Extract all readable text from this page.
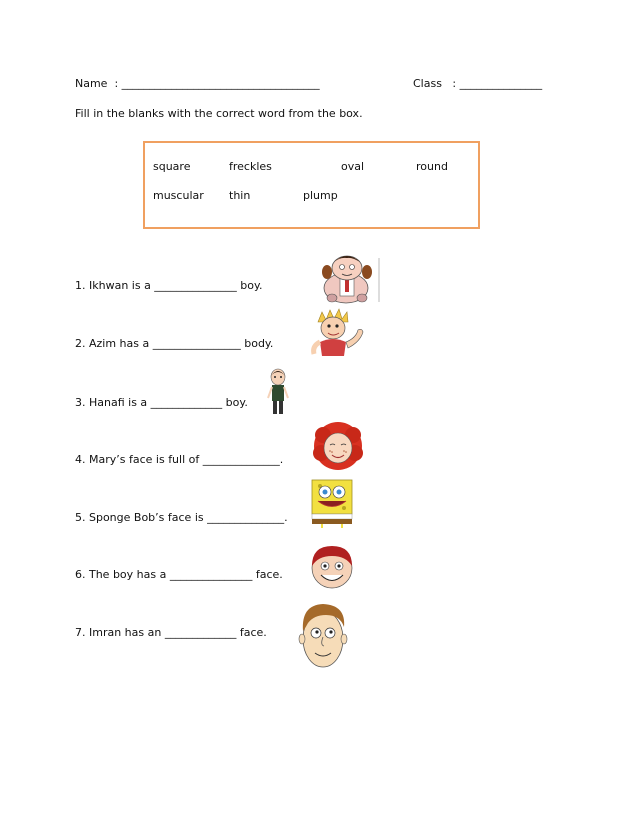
Name  : ____________________________________	Class   : _______________
Fill in the blanks with the correct word from the box.
square	freckles	oval	round
muscular thin	plump
1. Ikhwan is a _______________ boy.
2. Azim has a ________________ body.
3. Hanafi is a _____________ boy.
4. Mary’s face is full of ______________.
5. Sponge Bob’s face is ______________.
6. The boy has a _______________ face.
7. Imran has an _____________ face.
